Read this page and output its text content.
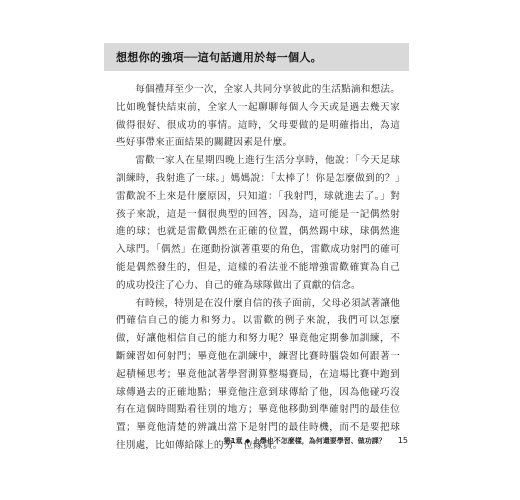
想想你的強項──這句話適用於每一個人。

每個禮拜至少一次，全家人共同分享彼此的生活點滴和想法。比如晚餐快結束前，全家人一起聊聊每個人今天或是過去幾天家做得很好、很成功的事情。這時，父母要做的是明確指出，為這些好事帶來正面結果的關鍵因素是什麼。

雷歡一家人在星期四晚上進行生活分享時，他說：「今天足球訓練時，我射進了一球。」媽媽說：「太棒了！你是怎麼做到的？」雷歡說不上來是什麼原因，只知道：「我射門，球就進去了。」對孩子來說，這是一個很典型的回答，因為，這可能是一記偶然射進的球；也就是雷歡偶然在正確的位置，偶然踢中球，球偶然進入球門。「偶然」在運動扮演著重要的角色，雷歡成功射門的確可能是偶然發生的，但是，這樣的看法並不能增強雷歡確實為自己的成功投注了心力、自己的確為球隊做出了貢獻的信念。

有時候，特別是在沒什麼自信的孩子面前，父母必須試著讓他們確信自己的能力和努力。以雷歡的例子來說，我們可以怎麼做，好讓他相信自己的能力和努力呢？畢竟他定期參加訓練，不斷練習如何射門；畢竟他在訓練中，練習比賽時腦袋如何跟著一起積極思考；畢竟他試著學習測算整場賽局，在這場比賽中跑到球傳過去的正確地點；畢竟他注意到球傳給了他，因為他碰巧沒有在這個時間點看往別的地方；畢竟他移動到準確射門的最佳位置；畢竟他清楚的辨識出當下是射門的最佳時機，而不是要把球往別處，比如傳給隊上的另一位隊員。

第1章 ◆ 上學也不怎麼樣，為何還要學習、做功課？ 15
